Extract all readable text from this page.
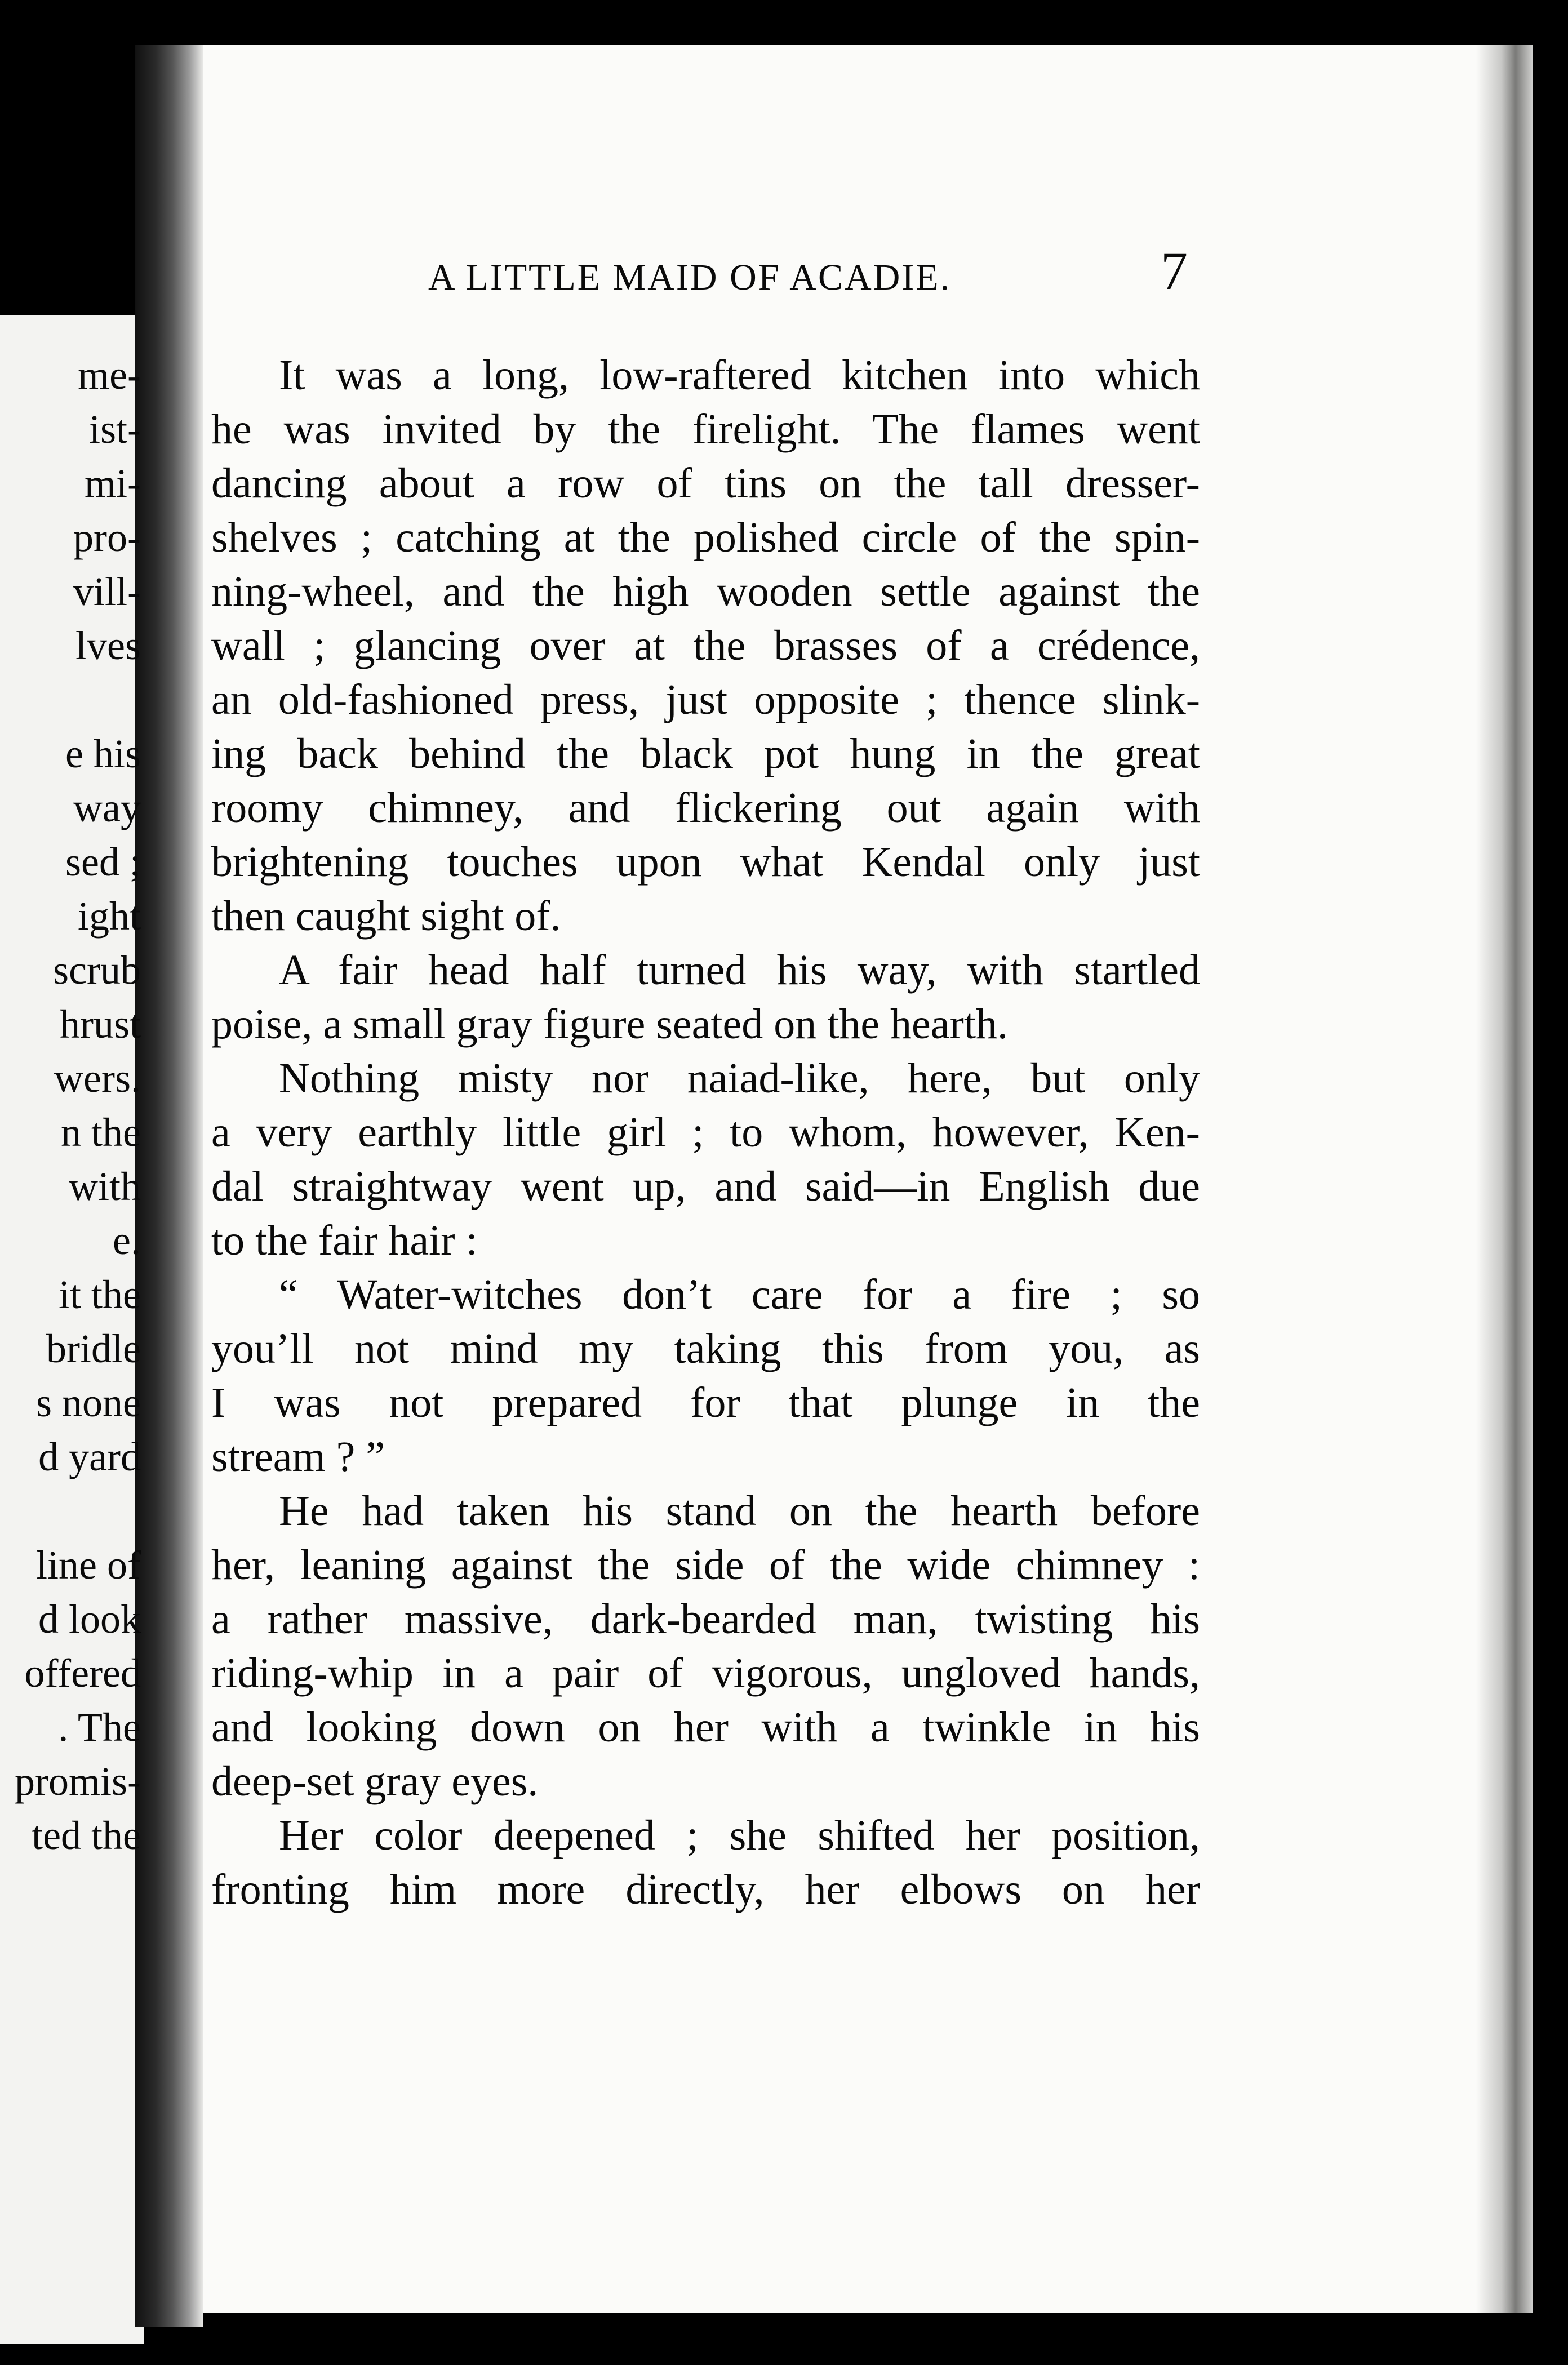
me-
ist-
mi-
pro-
vill-
lves
e his
way
sed ;
ight
scrub
hrust
wers.
n the
with
e.
it the
bridle
s none
d yard
line of
d look
offered
. The
promis-
ted the
A LITTLE MAID OF ACADIE.	7
It was a long, low-raftered kitchen into which
he was invited by the firelight. The flames went
dancing about a row of tins on the tall dresser-
shelves ; catching at the polished circle of the spin-
ning-wheel, and the high wooden settle against the
wall ; glancing over at the brasses of a crédence,
an old-fashioned press, just opposite ; thence slink-
ing back behind the black pot hung in the great
roomy chimney, and flickering out again with
brightening touches upon what Kendal only just
then caught sight of.
A fair head half turned his way, with startled
poise, a small gray figure seated on the hearth.
Nothing misty nor naiad-like, here, but only
a very earthly little girl ; to whom, however, Ken-
dal straightway went up, and said—in English due
to the fair hair :
“ Water-witches don’t care for a fire ; so
you’ll not mind my taking this from you, as
I was not prepared for that plunge in the
stream ? ”
He had taken his stand on the hearth before
her, leaning against the side of the wide chimney :
a rather massive, dark-bearded man, twisting his
riding-whip in a pair of vigorous, ungloved hands,
and looking down on her with a twinkle in his
deep-set gray eyes.
Her color deepened ; she shifted her position,
fronting him more directly, her elbows on her
